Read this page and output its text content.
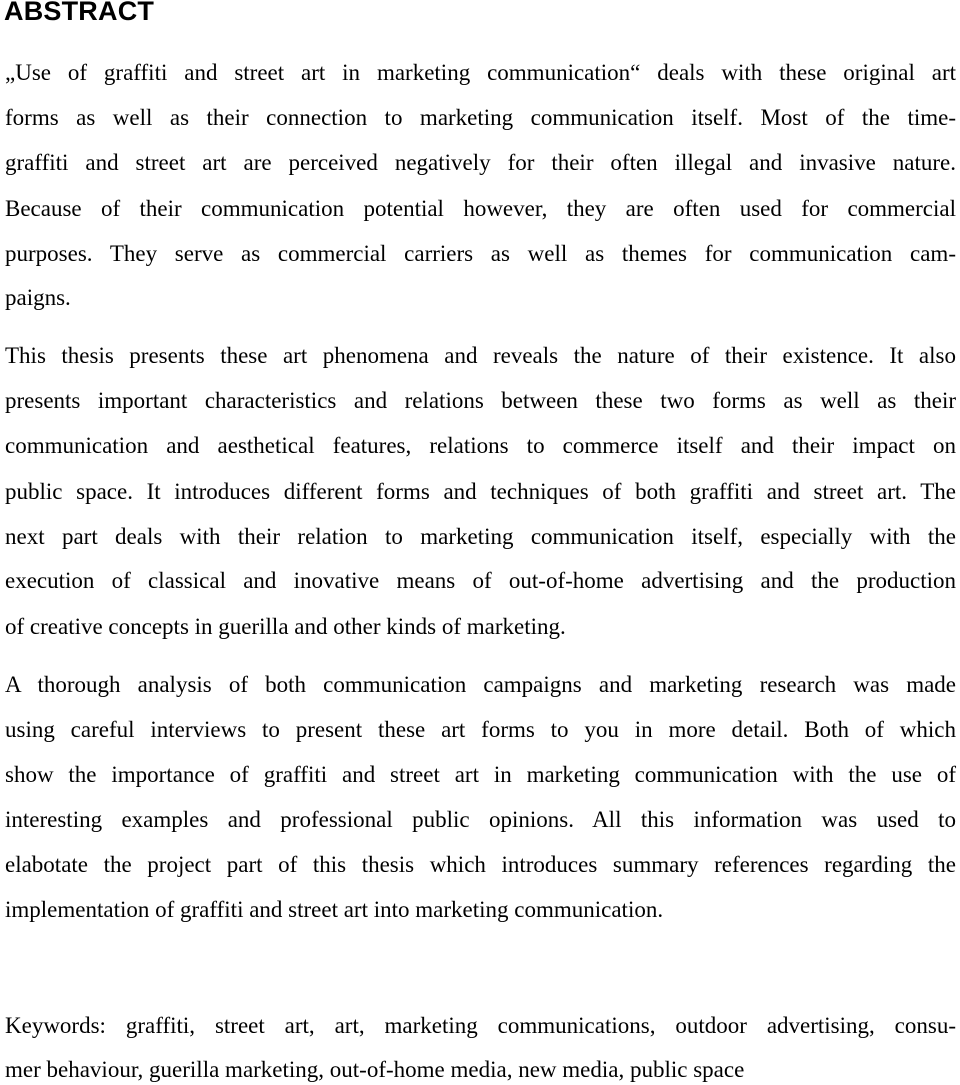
ABSTRACT
„Use of graffiti and street art in marketing communication“ deals with these original art
forms as well as their connection to marketing communication itself. Most of the time-
graffiti and street art are perceived negatively for their often illegal and invasive nature.
Because of their communication potential however, they are often used for commercial
purposes. They serve as commercial carriers as well as themes for communication cam-
paigns.
This thesis presents these art phenomena and reveals the nature of their existence. It also
presents important characteristics and relations between these two forms as well as their
communication and aesthetical features, relations to commerce itself and their impact on
public space. It introduces different forms and techniques of both graffiti and street art. The
next part deals with their relation to marketing communication itself, especially with the
execution of classical and inovative means of out-of-home advertising and the production
of creative concepts in guerilla and other kinds of marketing.
A thorough analysis of both communication campaigns and marketing research was made
using careful interviews to present these art forms to you in more detail. Both of which
show the importance of graffiti and street art in marketing communication with the use of
interesting examples and professional public opinions. All this information was used to
elabotate the project part of this thesis which introduces summary references regarding the
implementation of graffiti and street art into marketing communication.
Keywords: graffiti, street art, art, marketing communications, outdoor advertising, consu-
mer behaviour, guerilla marketing, out-of-home media, new media, public space
